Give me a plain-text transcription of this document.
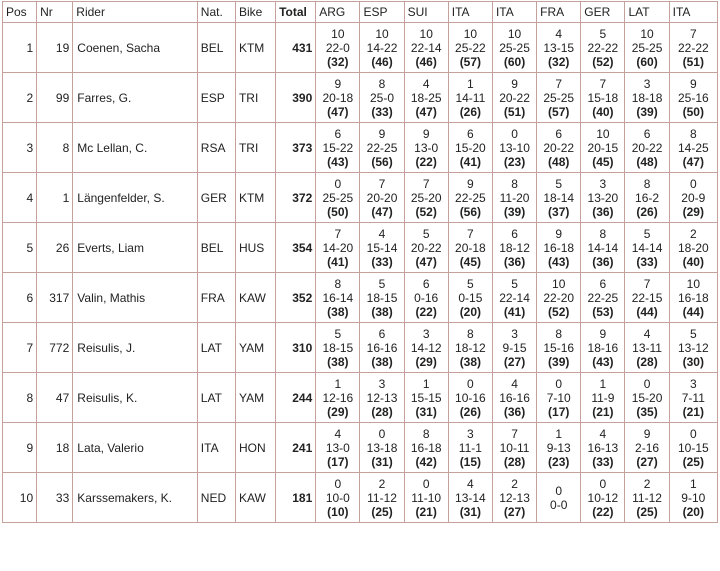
Pos	Nr	Rider	Nat.	Bike	Total	ARG	ESP	SUI	ITA	ITA	FRA	GER	LAT	ITA
1	19	Coenen, Sacha	BEL	KTM	431	10
22-0
(32)	10
14-22
(46)	10
22-14
(46)	10
25-22
(57)	10
25-25
(60)	4
13-15
(32)	5
22-22
(52)	10
25-25
(60)	7
22-22
(51)

2	99	Farres, G.	ESP	TRI	390	9
20-18
(47)	8
25-0
(33)	4
18-25
(47)	1
14-11
(26)	9
20-22
(51)	7
25-25
(57)	7
15-18
(40)	3
18-18
(39)	9
25-16
(50)

3	8	Mc Lellan, C.	RSA	TRI	373	6
15-22
(43)	9
22-25
(56)	9
13-0
(22)	6
15-20
(41)	0
13-10
(23)	6
20-22
(48)	10
20-15
(45)	6
20-22
(48)	8
14-25
(47)

4	1	Längenfelder, S.	GER	KTM	372	0
25-25
(50)	7
20-20
(47)	7
25-20
(52)	9
22-25
(56)	8
11-20
(39)	5
18-14
(37)	3
13-20
(36)	8
16-2
(26)	0
20-9
(29)

5	26	Everts, Liam	BEL	HUS	354	7
14-20
(41)	4
15-14
(33)	5
20-22
(47)	7
20-18
(45)	6
18-12
(36)	9
16-18
(43)	8
14-14
(36)	5
14-14
(33)	2
18-20
(40)

6	317	Valin, Mathis	FRA	KAW	352	8
16-14
(38)	5
18-15
(38)	6
0-16
(22)	5
0-15
(20)	5
22-14
(41)	10
22-20
(52)	6
22-25
(53)	7
22-15
(44)	10
16-18
(44)

7	772	Reisulis, J.	LAT	YAM	310	5
18-15
(38)	6
16-16
(38)	3
14-12
(29)	8
18-12
(38)	3
9-15
(27)	8
15-16
(39)	9
18-16
(43)	4
13-11
(28)	5
13-12
(30)

8	47	Reisulis, K.	LAT	YAM	244	1
12-16
(29)	3
12-13
(28)	1
15-15
(31)	0
10-16
(26)	4
16-16
(36)	0
7-10
(17)	1
11-9
(21)	0
15-20
(35)	3
7-11
(21)

9	18	Lata, Valerio	ITA	HON	241	4
13-0
(17)	0
13-18
(31)	8
16-18
(42)	3
11-1
(15)	7
10-11
(28)	1
9-13
(23)	4
16-13
(33)	9
2-16
(27)	0
10-15
(25)

10	33	Karssemakers, K.	NED	KAW	181	0
10-0
(10)	2
11-12
(25)	0
11-10
(21)	4
13-14
(31)	2
12-13
(27)	0
0-0	0
10-12
(22)	2
11-12
(25)	1
9-10
(20)
